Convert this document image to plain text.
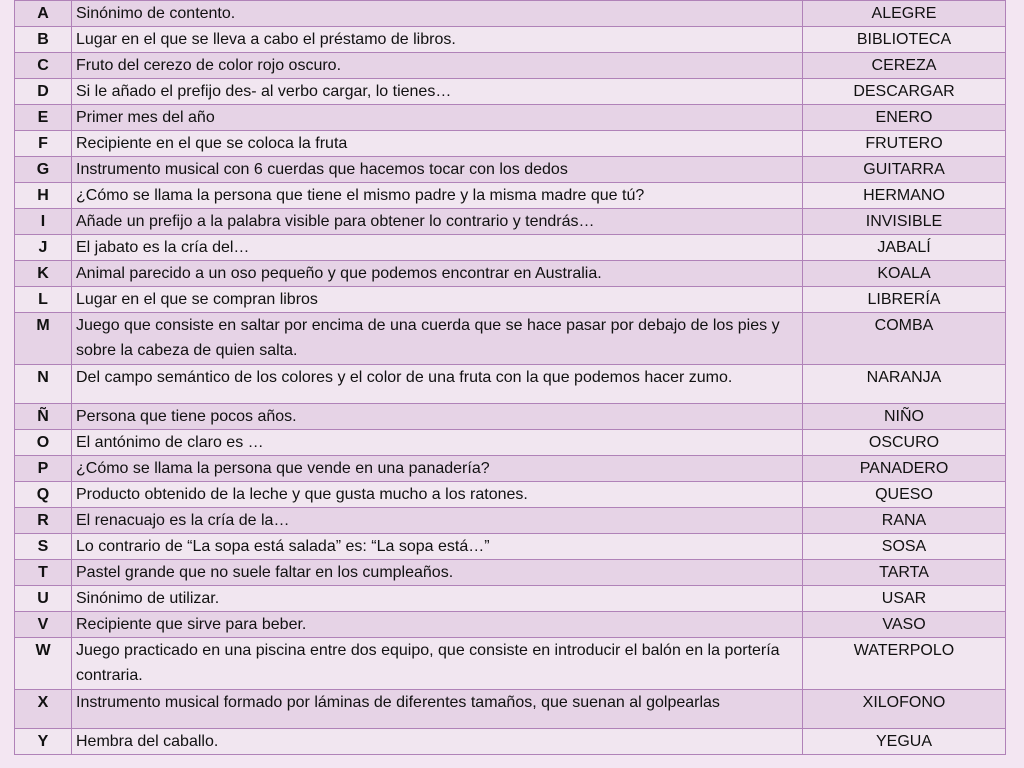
A	Sinónimo de contento.	ALEGRE
B	Lugar en el que se lleva a cabo el préstamo de libros.	BIBLIOTECA
C	Fruto del cerezo de color rojo oscuro.	CEREZA
D	Si le añado el prefijo des- al verbo cargar, lo tienes…	DESCARGAR
E	Primer mes del año	ENERO
F	Recipiente en el que se coloca la fruta	FRUTERO
G	Instrumento musical con 6 cuerdas que hacemos tocar con los dedos	GUITARRA
H	¿Cómo se llama la persona que tiene el mismo padre y la misma madre que tú?	HERMANO
I	Añade un prefijo a la palabra visible para obtener lo contrario y tendrás…	INVISIBLE
J	El jabato es la cría del…	JABALÍ
K	Animal parecido a un oso pequeño y que podemos encontrar en Australia.	KOALA
L	Lugar en el que se compran libros	LIBRERÍA
M	Juego que consiste en saltar por encima de una cuerda que se hace pasar por debajo de los pies y sobre la cabeza de quien salta.	COMBA
N	Del campo semántico de los colores y el color de una fruta con la que podemos hacer zumo.	NARANJA
Ñ	Persona que tiene pocos años.	NIÑO
O	El antónimo de claro es …	OSCURO
P	¿Cómo se llama la persona que vende en una panadería?	PANADERO
Q	Producto obtenido de la leche y que gusta mucho a los ratones.	QUESO
R	El renacuajo es la cría de la…	RANA
S	Lo contrario de “La sopa está salada” es: “La sopa está…”	SOSA
T	Pastel grande que no suele faltar en los cumpleaños.	TARTA
U	Sinónimo de utilizar.	USAR
V	Recipiente que sirve para beber.	VASO
W	Juego practicado en una piscina entre dos equipo, que consiste en introducir el balón en la portería contraria.	WATERPOLO
X	Instrumento musical formado por láminas de diferentes tamaños, que suenan al golpearlas	XILOFONO
Y	Hembra del caballo.	YEGUA
